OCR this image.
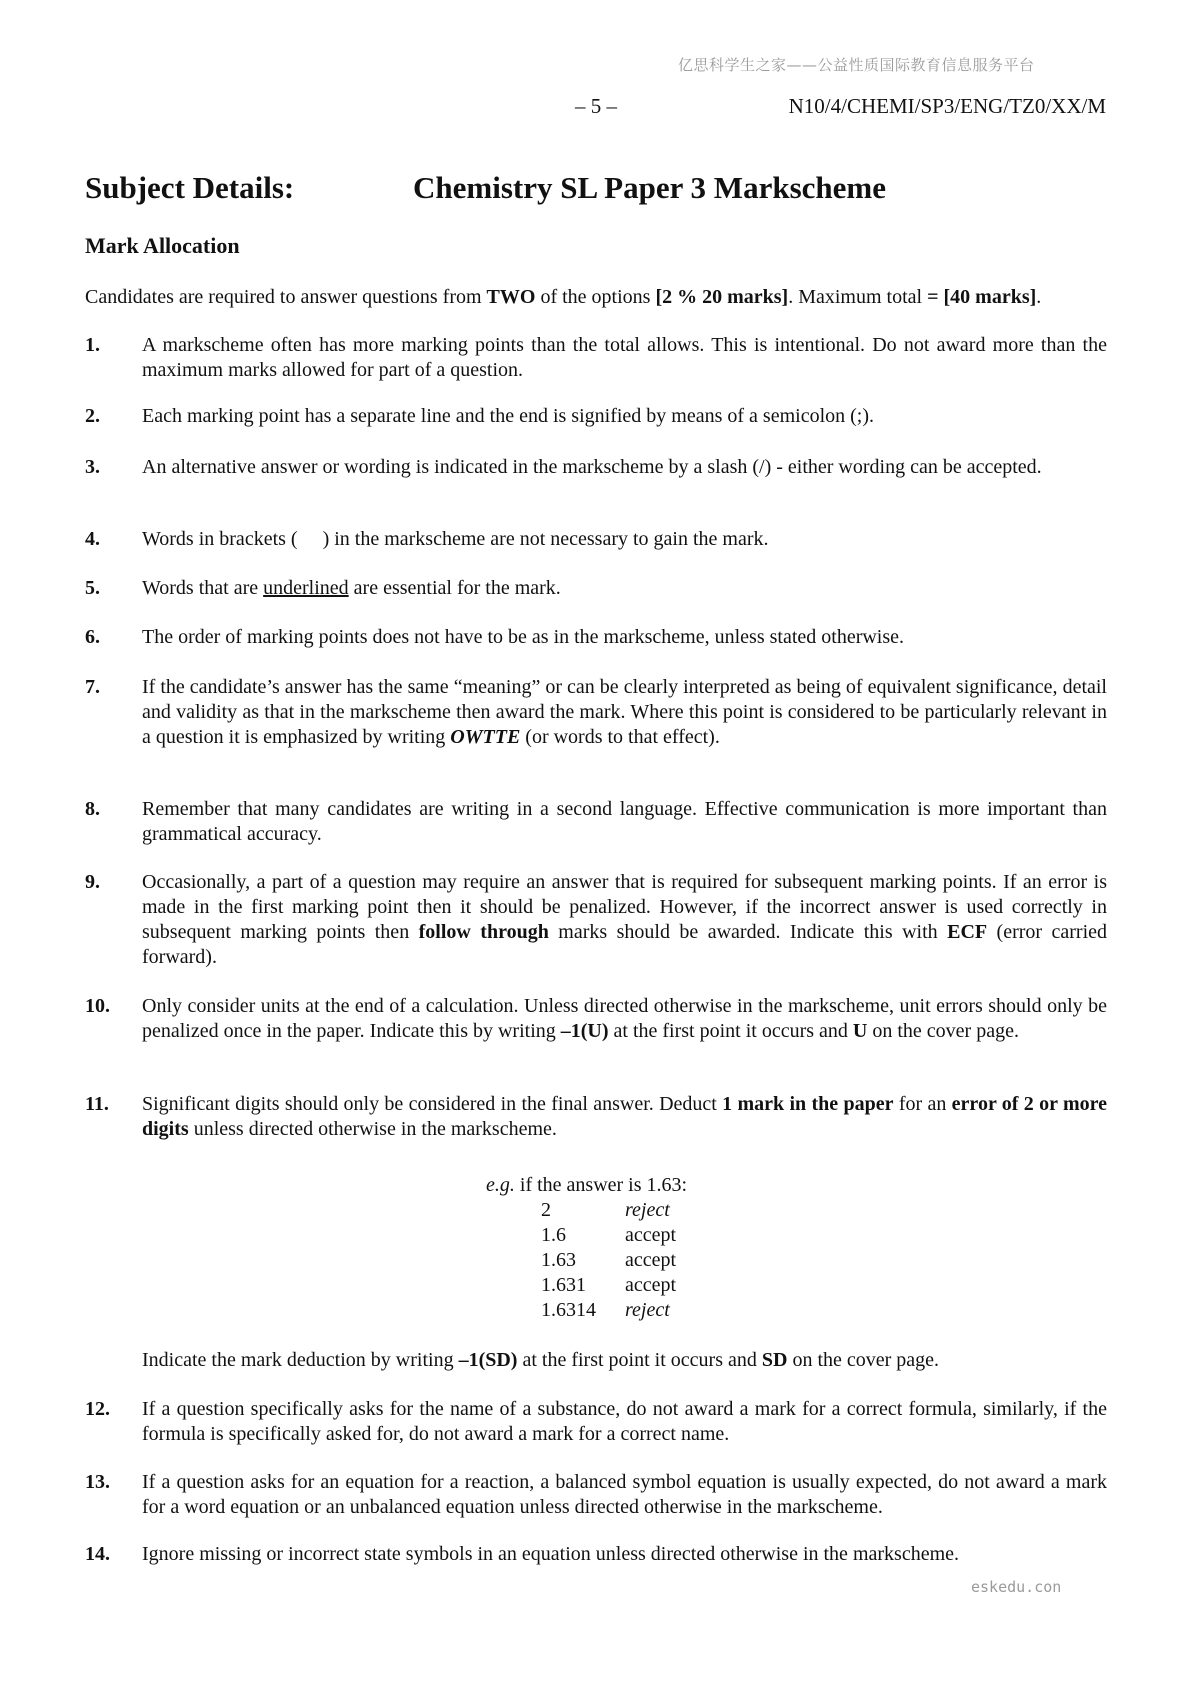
亿思科学生之家——公益性质国际教育信息服务平台
– 5 –	N10/4/CHEMI/SP3/ENG/TZ0/XX/M
Subject Details:	Chemistry SL Paper 3 Markscheme
Mark Allocation
Candidates are required to answer questions from TWO of the options [2 % 20 marks]. Maximum total = [40 marks].
1. A markscheme often has more marking points than the total allows. This is intentional. Do not award more than the maximum marks allowed for part of a question.
2. Each marking point has a separate line and the end is signified by means of a semicolon (;).
3. An alternative answer or wording is indicated in the markscheme by a slash (/) - either wording can be accepted.
4. Words in brackets (     ) in the markscheme are not necessary to gain the mark.
5. Words that are underlined are essential for the mark.
6. The order of marking points does not have to be as in the markscheme, unless stated otherwise.
7. If the candidate’s answer has the same “meaning” or can be clearly interpreted as being of equivalent significance, detail and validity as that in the markscheme then award the mark. Where this point is considered to be particularly relevant in a question it is emphasized by writing OWTTE (or words to that effect).
8. Remember that many candidates are writing in a second language. Effective communication is more important than grammatical accuracy.
9. Occasionally, a part of a question may require an answer that is required for subsequent marking points. If an error is made in the first marking point then it should be penalized. However, if the incorrect answer is used correctly in subsequent marking points then follow through marks should be awarded. Indicate this with ECF (error carried forward).
10. Only consider units at the end of a calculation. Unless directed otherwise in the markscheme, unit errors should only be penalized once in the paper. Indicate this by writing –1(U) at the first point it occurs and U on the cover page.
11. Significant digits should only be considered in the final answer. Deduct 1 mark in the paper for an error of 2 or more digits unless directed otherwise in the markscheme.
e.g. if the answer is 1.63:
2	reject
1.6	accept
1.63 accept
1.631 accept
1.6314 reject
Indicate the mark deduction by writing –1(SD) at the first point it occurs and SD on the cover page.
12. If a question specifically asks for the name of a substance, do not award a mark for a correct formula, similarly, if the formula is specifically asked for, do not award a mark for a correct name.
13. If a question asks for an equation for a reaction, a balanced symbol equation is usually expected, do not award a mark for a word equation or an unbalanced equation unless directed otherwise in the markscheme.
14. Ignore missing or incorrect state symbols in an equation unless directed otherwise in the markscheme.
eskedu.con
